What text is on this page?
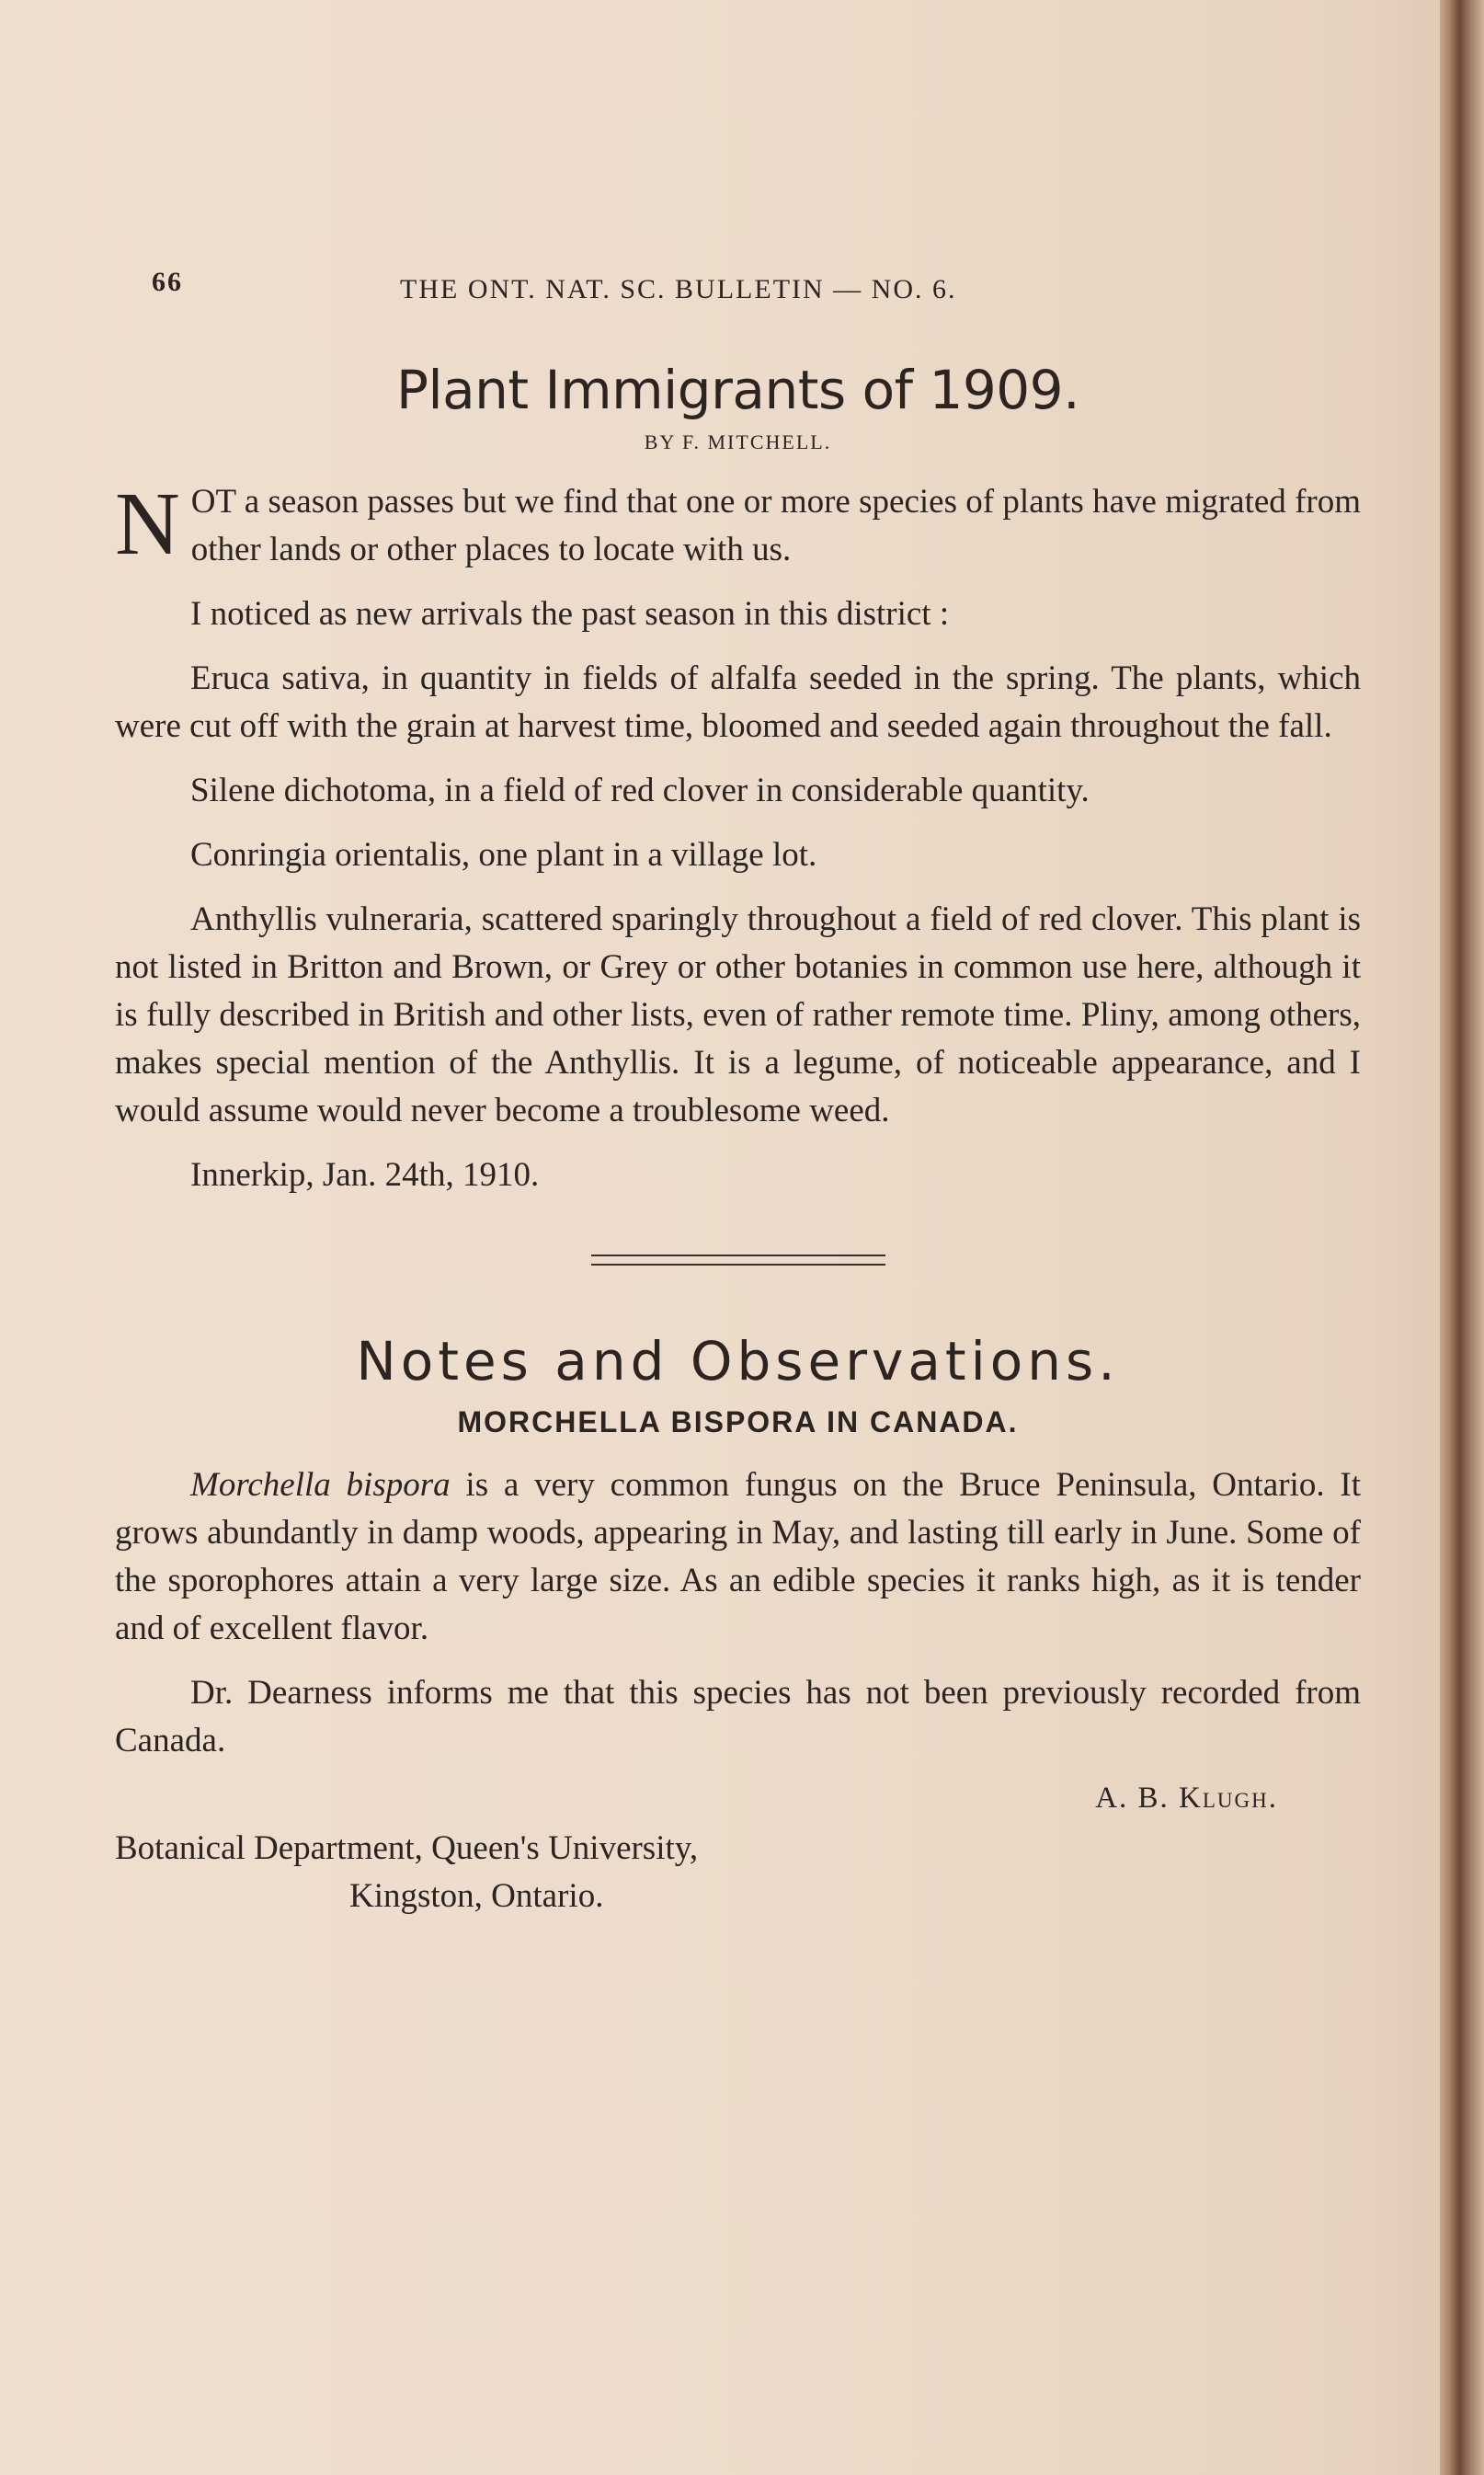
66	THE ONT. NAT. SC. BULLETIN — NO. 6.
Plant Immigrants of 1909.
BY F. MITCHELL.

NOT a season passes but we find that one or more species of plants have migrated from other lands or other places to locate with us.

I noticed as new arrivals the past season in this district :

Eruca sativa, in quantity in fields of alfalfa seeded in the spring. The plants, which were cut off with the grain at harvest time, bloomed and seeded again throughout the fall.

Silene dichotoma, in a field of red clover in considerable quantity.

Conringia orientalis, one plant in a village lot.

Anthyllis vulneraria, scattered sparingly throughout a field of red clover. This plant is not listed in Britton and Brown, or Grey or other botanies in common use here, although it is fully described in British and other lists, even of rather remote time. Pliny, among others, makes special mention of the Anthyllis. It is a legume, of noticeable appearance, and I would assume would never become a troublesome weed.

Innerkip, Jan. 24th, 1910.

Notes and Observations.
MORCHELLA BISPORA IN CANADA.

Morchella bispora is a very common fungus on the Bruce Peninsula, Ontario. It grows abundantly in damp woods, appearing in May, and lasting till early in June. Some of the sporophores attain a very large size. As an edible species it ranks high, as it is tender and of excellent flavor.

Dr. Dearness informs me that this species has not been previously recorded from Canada.

A. B. Klugh.
Botanical Department, Queen's University,
Kingston, Ontario.
